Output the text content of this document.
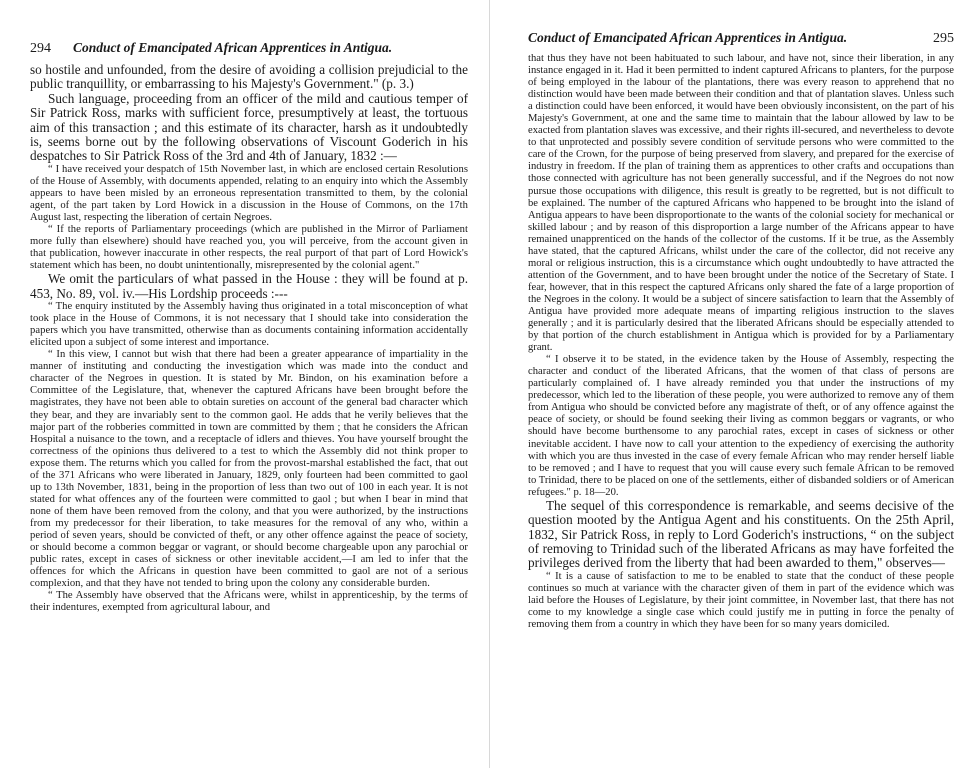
294 Conduct of Emancipated African Apprentices in Antigua.

so hostile and unfounded, from the desire of avoiding a collision prejudicial to the public tranquillity, or embarrassing to his Majesty's Government." (p. 3.)

Such language, proceeding from an officer of the mild and cautious temper of Sir Patrick Ross, marks with sufficient force, presumptively at least, the tortuous aim of this transaction ; and this estimate of its character, harsh as it undoubtedly is, seems borne out by the following observations of Viscount Goderich in his despatches to Sir Patrick Ross of the 3rd and 4th of January, 1832 :—

“ I have received your despatch of 15th November last, in which are enclosed certain Resolutions of the House of Assembly, with documents appended, relating to an enquiry into which the Assembly appears to have been misled by an erroneous representation transmitted to them, by the colonial agent, of the part taken by Lord Howick in a discussion in the House of Commons, on the 17th August last, respecting the liberation of certain Negroes.

“ If the reports of Parliamentary proceedings (which are published in the Mirror of Parliament more fully than elsewhere) should have reached you, you will perceive, from the account given in that publication, however inaccurate in other respects, the real purport of that part of Lord Howick's statement which has been, no doubt unintentionally, misrepresented by the colonial agent."

We omit the particulars of what passed in the House : they will be found at p. 453, No. 89, vol. iv.—His Lordship proceeds :---

“ The enquiry instituted by the Assembly having thus originated in a total misconception of what took place in the House of Commons, it is not necessary that I should take into consideration the papers which you have transmitted, otherwise than as documents containing information accidentally elicited upon a subject of some interest and importance.

“ In this view, I cannot but wish that there had been a greater appearance of impartiality in the manner of instituting and conducting the investigation which was made into the conduct and character of the Negroes in question. It is stated by Mr. Bindon, on his examination before a Committee of the Legislature, that, whenever the captured Africans have been brought before the magistrates, they have not been able to obtain sureties on account of the general bad character which they bear, and they are invariably sent to the common gaol. He adds that he verily believes that the major part of the robberies committed in town are committed by them ; that he considers the African Hospital a nuisance to the town, and a receptacle of idlers and thieves. You have yourself brought the correctness of the opinions thus delivered to a test to which the Assembly did not think proper to expose them. The returns which you called for from the provost-marshal established the fact, that out of the 371 Africans who were liberated in January, 1829, only fourteen had been committed to gaol up to 13th November, 1831, being in the proportion of less than two out of 100 in each year. It is not stated for what offences any of the fourteen were committed to gaol ; but when I bear in mind that none of them have been removed from the colony, and that you were authorized, by the instructions from my predecessor for their liberation, to take measures for the removal of any who, within a period of seven years, should be convicted of theft, or any other offence against the peace of society, or should become a common beggar or vagrant, or should become chargeable upon any parochial or public rates, except in cases of sickness or other inevitable accident,—I am led to infer that the offences for which the Africans in question have been committed to gaol are not of a serious complexion, and that they have not tended to bring upon the colony any considerable burden.

“ The Assembly have observed that the Africans were, whilst in apprenticeship, by the terms of their indentures, exempted from agricultural labour, and

Conduct of Emancipated African Apprentices in Antigua.	295

that thus they have not been habituated to such labour, and have not, since their liberation, in any instance engaged in it. Had it been permitted to indent captured Africans to planters, for the purpose of being employed in the labour of the plantations, there was every reason to apprehend that no distinction would have been made between their condition and that of plantation slaves. Unless such a distinction could have been enforced, it would have been obviously inconsistent, on the part of his Majesty's Government, at one and the same time to maintain that the labour allowed by law to be exacted from plantation slaves was excessive, and their rights ill-secured, and nevertheless to devote to that unprotected and possibly severe condition of servitude persons who were committed to the care of the Crown, for the purpose of being preserved from slavery, and prepared for the exercise of industry in freedom. If the plan of training them as apprentices to other crafts and occupations than those connected with agriculture has not been generally successful, and if the Negroes do not now pursue those occupations with diligence, this result is greatly to be regretted, but is not difficult to be explained. The number of the captured Africans who happened to be brought into the island of Antigua appears to have been disproportionate to the wants of the colonial society for mechanical or skilled labour ; and by reason of this disproportion a large number of the Africans appear to have remained unapprenticed on the hands of the collector of the customs. If it be true, as the Assembly have stated, that the captured Africans, whilst under the care of the collector, did not receive any moral or religious instruction, this is a circumstance which ought undoubtedly to have attracted the attention of the Government, and to have been brought under the notice of the Secretary of State. I fear, however, that in this respect the captured Africans only shared the fate of a large proportion of the Negroes in the colony. It would be a subject of sincere satisfaction to learn that the Assembly of Antigua have provided more adequate means of imparting religious instruction to the slaves generally ; and it is particularly desired that the liberated Africans should be especially attended to by that portion of the church establishment in Antigua which is provided for by a Parliamentary grant.

“ I observe it to be stated, in the evidence taken by the House of Assembly, respecting the character and conduct of the liberated Africans, that the women of that class of persons are particularly complained of. I have already reminded you that under the instructions of my predecessor, which led to the liberation of these people, you were authorized to remove any of them from Antigua who should be convicted before any magistrate of theft, or of any offence against the peace of society, or should be found seeking their living as common beggars or vagrants, or who should have become burthensome to any parochial rates, except in cases of sickness or other inevitable accident. I have now to call your attention to the expediency of exercising the authority with which you are thus invested in the case of every female African who may render herself liable to be removed ; and I have to request that you will cause every such female African to be removed to Trinidad, there to be placed on one of the settlements, either of disbanded soldiers or of American refugees." p. 18—20.

The sequel of this correspondence is remarkable, and seems decisive of the question mooted by the Antigua Agent and his constituents. On the 25th April, 1832, Sir Patrick Ross, in reply to Lord Goderich's instructions, “ on the subject of removing to Trinidad such of the liberated Africans as may have forfeited the privileges derived from the liberty that had been awarded to them," observes—

“ It is a cause of satisfaction to me to be enabled to state that the conduct of these people continues so much at variance with the character given of them in part of the evidence which was laid before the Houses of Legislature, by their joint committee, in November last, that there has not come to my knowledge a single case which could justify me in putting in force the penalty of removing them from a country in which they have been for so many years domiciled.
